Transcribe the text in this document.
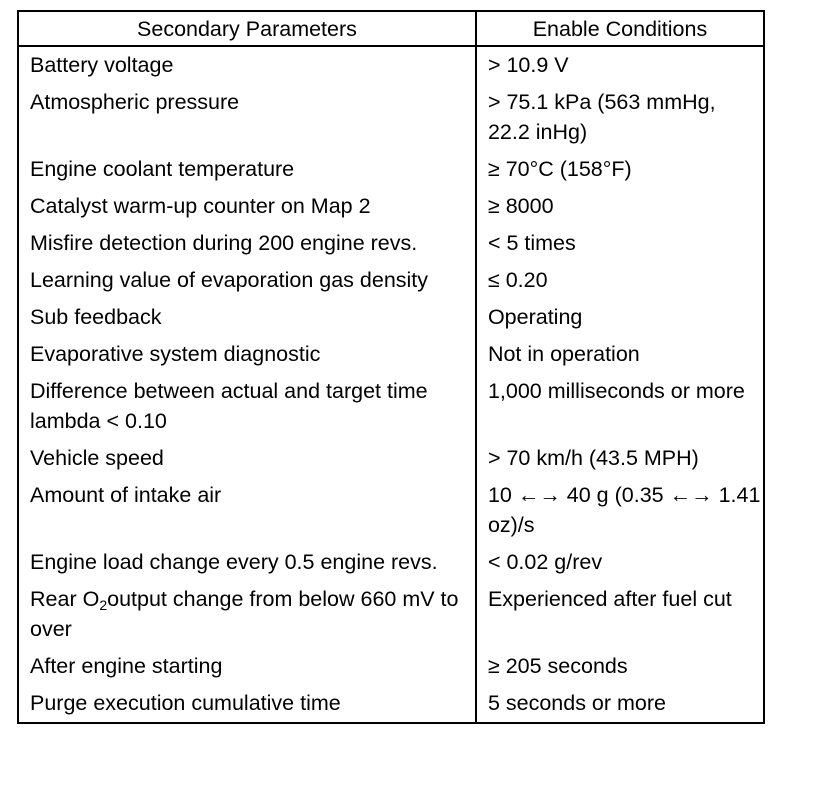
Secondary Parameters	Enable Conditions
Battery voltage	> 10.9 V
Atmospheric pressure	> 75.1 kPa (563 mmHg, 22.2 inHg)
Engine coolant temperature	≥ 70°C (158°F)
Catalyst warm-up counter on Map 2	≥ 8000
Misfire detection during 200 engine revs.	< 5 times
Learning value of evaporation gas density	≤ 0.20
Sub feedback	Operating
Evaporative system diagnostic	Not in operation
Difference between actual and target time lambda < 0.10	1,000 milliseconds or more
Vehicle speed	> 70 km/h (43.5 MPH)
Amount of intake air	10 ←→ 40 g (0.35 ←→ 1.41 oz)/s
Engine load change every 0.5 engine revs.	< 0.02 g/rev
Rear $O_2output$ change from below 660 mV to over	Experienced after fuel cut
After engine starting	≥ 205 seconds
Purge execution cumulative time	5 seconds or more
